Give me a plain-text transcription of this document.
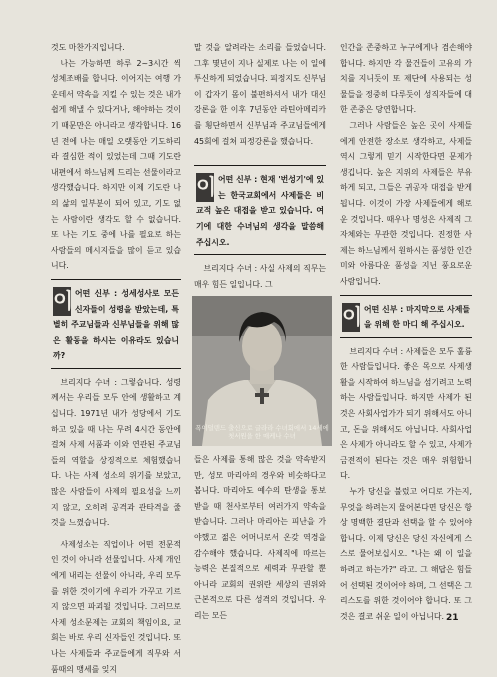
것도 마찬가지입니다.

나는 가능하면 하루 2~3시간 씩 성체조배를 합니다. 이어지는 여행 가운데서 약속을 지킬 수 있는 것은 내가 쉽게 해낼 수 있다거나, 해야하는 것이기 때문만은 아니라고 생각합니다. 16년 전에 나는 매일 오랫동안 기도하리라 결심한 적이 있었는데 그때 기도란 내편에서 하느님께 드리는 선물이라고 생각했습니다. 하지만 이제 기도란 나의 삶의 일부분이 되어 있고, 기도 없는 사람이란 생각도 할 수 없습니다. 또 나는 기도 중에 나를 필요로 하는 사람들의 메시지들을 많이 듣고 있습니다.

이 어떤 신부 : 성세성사로 모든 신자들이 성령을 받았는데, 특별히 주교님들과 신부님들을 위해 많은 활동을 하시는 이유라도 있습니까?

브리지다 수녀 : 그렇습니다. 성령께서는 우리들 모두 안에 생활하고 계십니다. 1971년 내가 성당에서 기도하고 있을 때 나는 무려 4시간 동안에 걸쳐 사제 서품과 이와 연관된 주교님들의 역할을 상징적으로 체험했습니다. 나는 사제 성소의 위기를 보았고, 많은 사람들이 사제의 필요성을 느끼지 않고, 오히려 공격과 관타격을 줄 것을 느꼈습니다.

사제성소는 직업이나 어떤 전문적인 것이 아니라 선물입니다. 사제 개인에게 내리는 선물이 아니라, 우리 모두를 위한 것이기에 우리가 가꾸고 기르지 않으면 파괴될 것입니다. 그러므로 사제 성소문제는 교회의 책임이요, 교회는 바로 우리 신자들인 것입니다. 또 나는 사제들과 주교들에게 직무와 서품때의 맹세를 잊지

말 것을 알려라는 소리를 들었습니다. 그후 몇년이 지나 실제로 나는 이 일에 투신하게 되었습니다. 피정지도 신부님이 갑자기 몸이 불편하셔서 내가 대신 강론을 한 이후 7년동안 라틴아메리카를 횡단하면서 신부님과 주교님들에게 45회에 걸쳐 피정강론을 했습니다.

이 어떤 신부 : 현재 '번성기'에 있는 한국교회에서 사제들은 비교적 높은 대접을 받고 있습니다. 여기에 대한 수녀님의 생각을 말씀해 주십시오.

브리지다 수녀 : 사실 사제의 직무는 매우 힘든 일입니다. 그

폭이덜덴드 출신으로 글라라 수녀회에서 14세에 첫서원을 한 매케나 수녀

들은 사제를 통해 많은 것을 약속받지만, 성모 마리아의 경우와 비슷하다고 봅니다. 마리아도 예수의 탄생을 통보받을 때 천사로부터 여러가지 약속을 받습니다. 그러나 마리아는 피난을 가야했고 젊은 어머니로서 온갖 역경을 감수해야 했습니다. 사제직에 따르는 능력은 본질적으로 세력과 무관할 뿐 아니라 교회의 권위란 세상의 권위와 근본적으로 다른 성격의 것입니다. 우리는 모든

인간을 존중하고 누구에게나 겸손해야 합니다. 하지만 각 물건들이 고유의 가치를 지니듯이 또 제단에 사용되는 성물들을 정중히 다루듯이 성직자들에 대한 존중은 당연합니다.

그러나 사람들은 높은 곳이 사제들에게 안전한 장소로 생각하고, 사제들 역시 그렇게 믿기 시작한다면 문제가 생깁니다. 높은 지위의 사제들은 부유하게 되고, 그들은 귀공자 대접을 받게 됩니다. 이것이 가장 사제들에게 해로운 것입니다. 때우나 명성은 사제직 그 자체와는 무관한 것입니다. 진정한 사제는 하느님께서 원하시는 품성한 인간미와 아름다운 품성을 지닌 풍요로운 사람입니다.

이 어떤 신부 : 마지막으로 사제들을 위해 한 마디 해 주십시오.

브리지다 수녀 : 사제들은 모두 훌륭한 사람들입니다. 좋은 목으로 사제생활을 시작하여 하느님을 섬기려고 노력하는 사람들입니다. 하지만 사제가 된 것은 사회사업가가 되기 위해서도 아니고, 돈을 위해서도 아닙니다. 사회사업은 사제가 아니라도 할 수 있고, 사제가 금전적이 된다는 것은 매우 위험합니다.

누가 당신을 불렀고 어디로 가는지, 무엇을 하려는지 물어본다면 당신은 항상 명백한 결단과 선택을 할 수 있어야 합니다. 이제 당신은 당신 자신에게 스스로 물어보십시오. "나는 왜 이 일을 하려고 하는가?" 라고. 그 해답은 힘들어 선택된 것이어야 하며, 그 선택은 그리스도를 위한 것이어야 합니다. 또 그것은 결코 쉬운 일이 아닙니다. 21
